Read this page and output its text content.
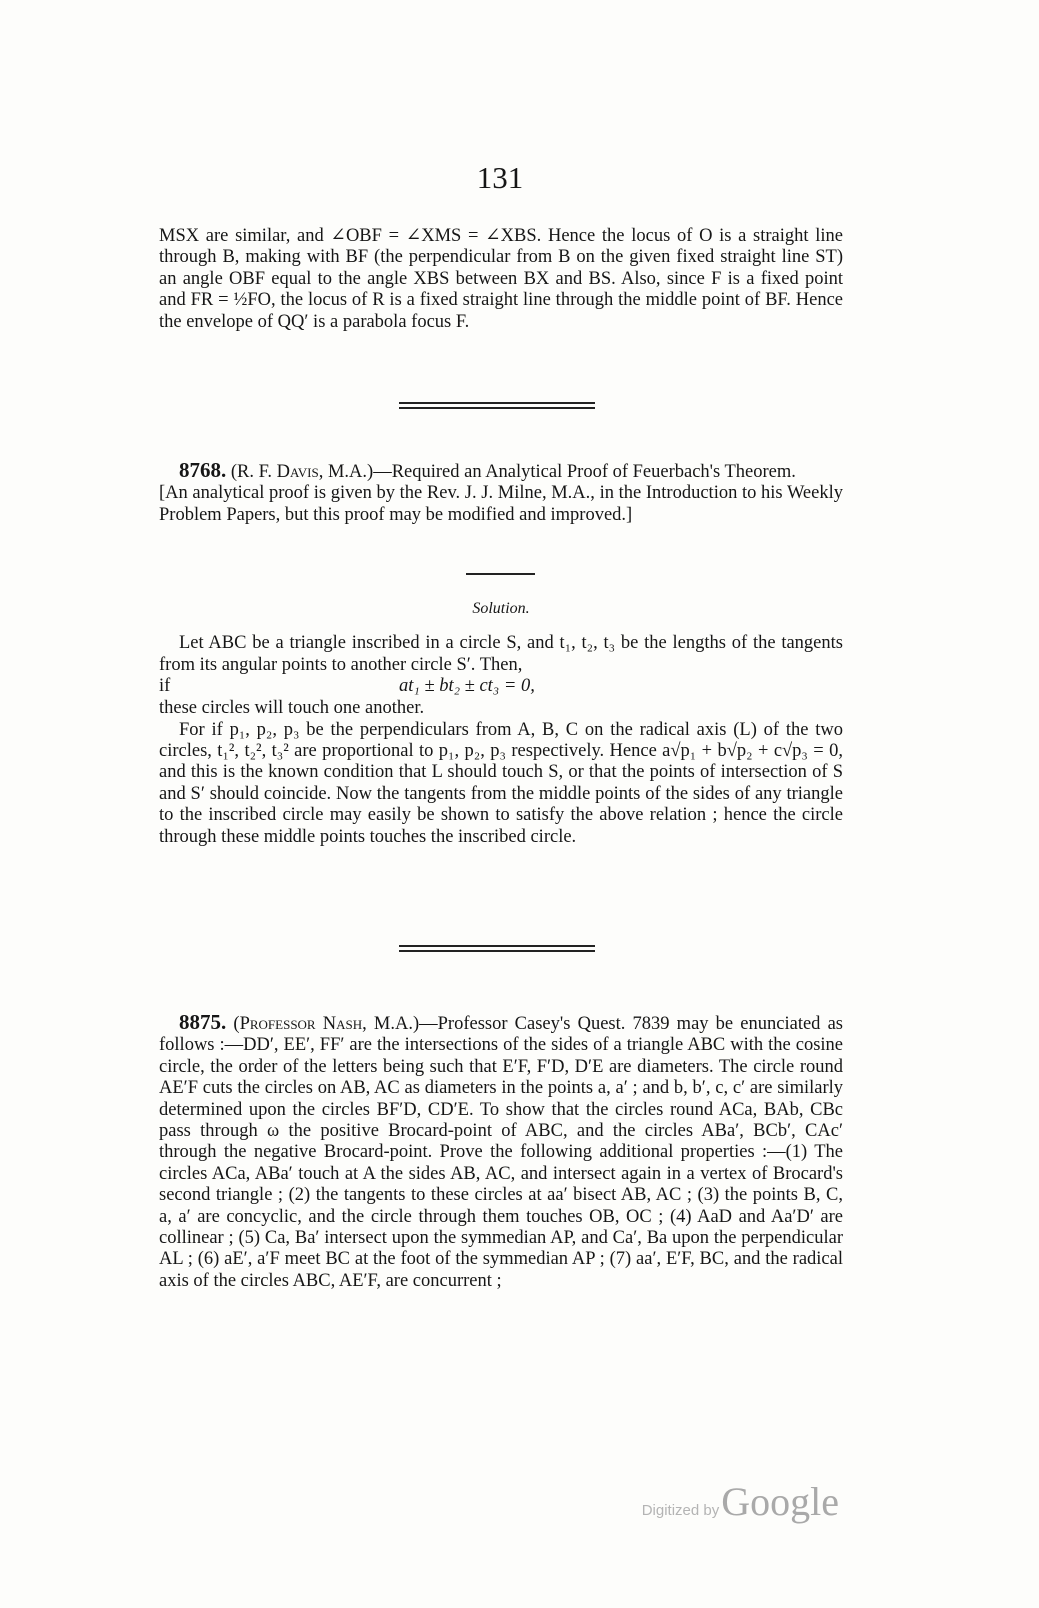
131

MSX are similar, and ∠OBF = ∠XMS = ∠XBS. Hence the locus of O is a straight line through B, making with BF (the perpendicular from B on the given fixed straight line ST) an angle OBF equal to the angle XBS between BX and BS. Also, since F is a fixed point and FR = ½FO, the locus of R is a fixed straight line through the middle point of BF. Hence the envelope of QQ′ is a parabola focus F.

8768. (R. F. Davis, M.A.)—Required an Analytical Proof of Feuerbach's Theorem.

[An analytical proof is given by the Rev. J. J. Milne, M.A., in the Introduction to his Weekly Problem Papers, but this proof may be modified and improved.]

Solution.

Let ABC be a triangle inscribed in a circle S, and t₁, t₂, t₃ be the lengths of the tangents from its angular points to another circle S′. Then,

if	at₁ ± bt₂ ± ct₃ = 0,

these circles will touch one another.

For if p₁, p₂, p₃ be the perpendiculars from A, B, C on the radical axis (L) of the two circles, t₁², t₂², t₃² are proportional to p₁, p₂, p₃ respectively. Hence a√p₁ + b√p₂ + c√p₃ = 0, and this is the known condition that L should touch S, or that the points of intersection of S and S′ should coincide. Now the tangents from the middle points of the sides of any triangle to the inscribed circle may easily be shown to satisfy the above relation ; hence the circle through these middle points touches the inscribed circle.

8875. (Professor Nash, M.A.)—Professor Casey's Quest. 7839 may be enunciated as follows :—DD′, EE′, FF′ are the intersections of the sides of a triangle ABC with the cosine circle, the order of the letters being such that E′F, F′D, D′E are diameters. The circle round AE′F cuts the circles on AB, AC as diameters in the points a, a′ ; and b, b′, c, c′ are similarly determined upon the circles BF′D, CD′E. To show that the circles round ACa, BAb, CBc pass through ω the positive Brocard-point of ABC, and the circles ABa′, BCb′, CAc′ through the negative Brocard-point. Prove the following additional properties :—(1) The circles ACa, ABa′ touch at A the sides AB, AC, and intersect again in a vertex of Brocard's second triangle ; (2) the tangents to these circles at aa′ bisect AB, AC ; (3) the points B, C, a, a′ are concyclic, and the circle through them touches OB, OC ; (4) AaD and Aa′D′ are collinear ; (5) Ca, Ba′ intersect upon the symmedian AP, and Ca′, Ba upon the perpendicular AL ; (6) aE′, a′F meet BC at the foot of the symmedian AP ; (7) aa′, E′F, BC, and the radical axis of the circles ABC, AE′F, are concurrent ;

Digitized byGoogle
